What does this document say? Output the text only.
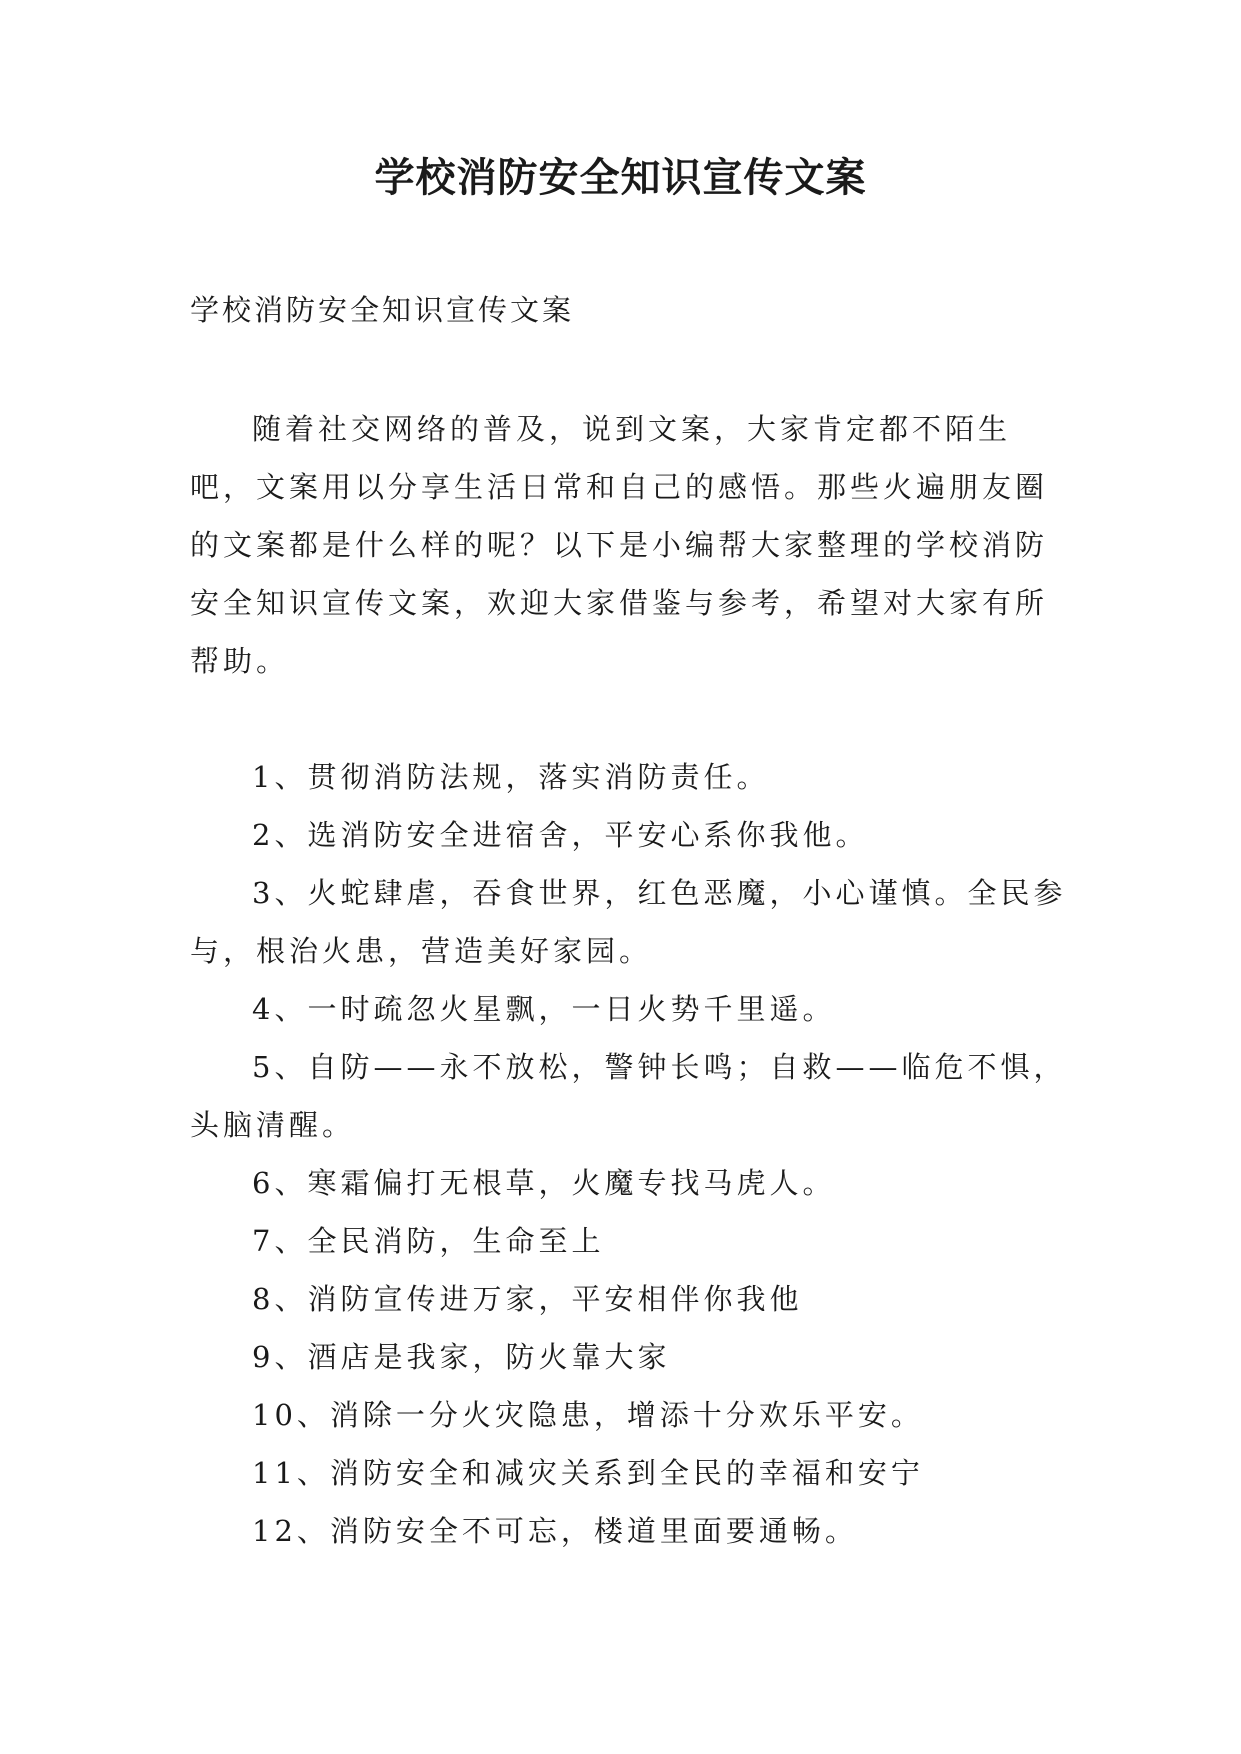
学校消防安全知识宣传文案

学校消防安全知识宣传文案

随着社交网络的普及，说到文案，大家肯定都不陌生吧，文案用以分享生活日常和自己的感悟。那些火遍朋友圈的文案都是什么样的呢？以下是小编帮大家整理的学校消防安全知识宣传文案，欢迎大家借鉴与参考，希望对大家有所帮助。

1、贯彻消防法规，落实消防责任。
2、选消防安全进宿舍，平安心系你我他。
3、火蛇肆虐，吞食世界，红色恶魔，小心谨慎。全民参与，根治火患，营造美好家园。
4、一时疏忽火星飘，一日火势千里遥。
5、自防——永不放松，警钟长鸣；自救——临危不惧，头脑清醒。
6、寒霜偏打无根草，火魔专找马虎人。
7、全民消防，生命至上
8、消防宣传进万家，平安相伴你我他
9、酒店是我家，防火靠大家
10、消除一分火灾隐患，增添十分欢乐平安。
11、消防安全和减灾关系到全民的幸福和安宁
12、消防安全不可忘，楼道里面要通畅。
